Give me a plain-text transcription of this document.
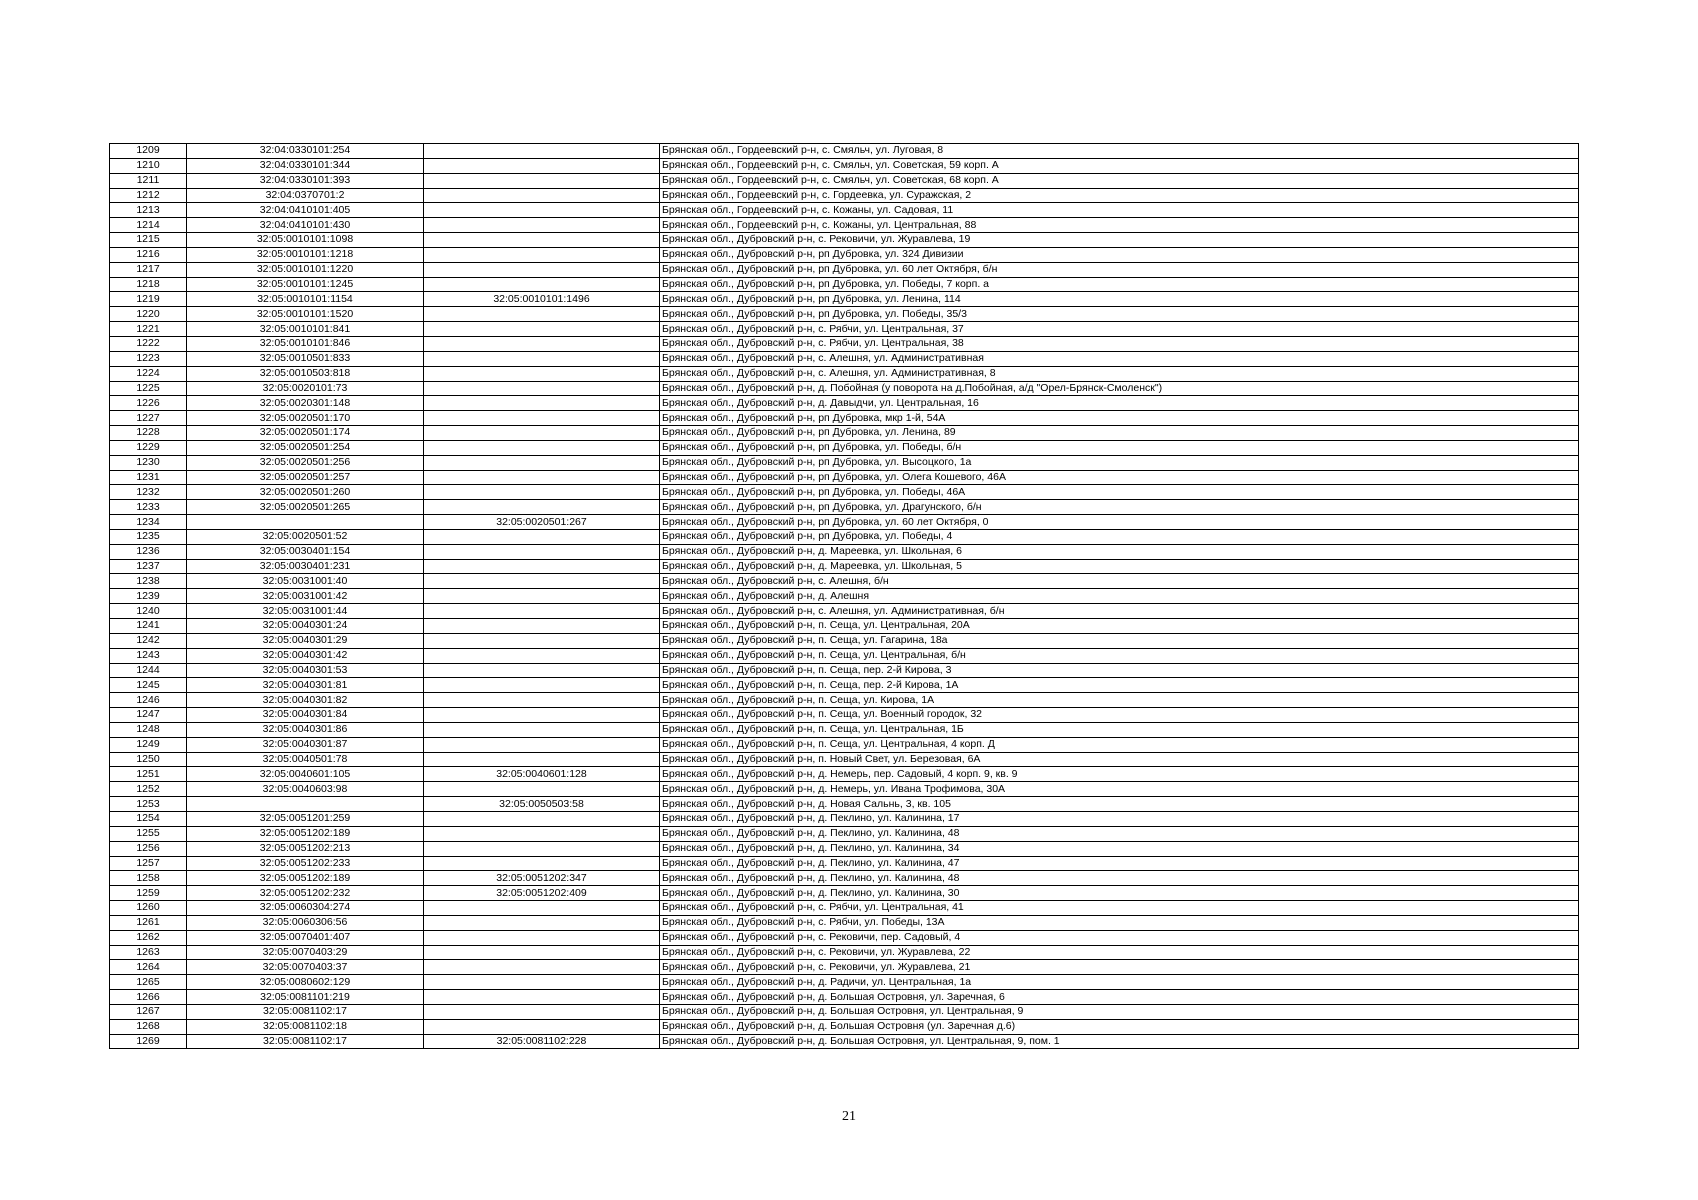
1209	32:04:0330101:254		Брянская обл., Гордеевский р-н, с. Смяльч, ул. Луговая, 8
1210	32:04:0330101:344		Брянская обл., Гордеевский р-н, с. Смяльч, ул. Советская, 59 корп. А
1211	32:04:0330101:393		Брянская обл., Гордеевский р-н, с. Смяльч, ул. Советская, 68 корп. А
1212	32:04:0370701:2		Брянская обл., Гордеевский р-н, с. Гордеевка, ул. Суражская, 2
1213	32:04:0410101:405		Брянская обл., Гордеевский р-н, с. Кожаны, ул. Садовая, 11
1214	32:04:0410101:430		Брянская обл., Гордеевский р-н, с. Кожаны, ул. Центральная, 88
1215	32:05:0010101:1098		Брянская обл., Дубровский р-н, с. Рековичи, ул. Журавлева, 19
1216	32:05:0010101:1218		Брянская обл., Дубровский р-н, рп Дубровка, ул. 324 Дивизии
1217	32:05:0010101:1220		Брянская обл., Дубровский р-н, рп Дубровка, ул. 60 лет Октября, б/н
1218	32:05:0010101:1245		Брянская обл., Дубровский р-н, рп Дубровка, ул. Победы, 7 корп. а
1219	32:05:0010101:1154	32:05:0010101:1496	Брянская обл., Дубровский р-н, рп Дубровка, ул. Ленина, 114
1220	32:05:0010101:1520		Брянская обл., Дубровский р-н, рп Дубровка, ул. Победы, 35/3
1221	32:05:0010101:841		Брянская обл., Дубровский р-н, с. Рябчи, ул. Центральная, 37
1222	32:05:0010101:846		Брянская обл., Дубровский р-н, с. Рябчи, ул. Центральная, 38
1223	32:05:0010501:833		Брянская обл., Дубровский р-н, с. Алешня, ул. Административная
1224	32:05:0010503:818		Брянская обл., Дубровский р-н, с. Алешня, ул. Административная, 8
1225	32:05:0020101:73		Брянская обл., Дубровский р-н, д. Побойная (у поворота на д.Побойная, а/д "Орел-Брянск-Смоленск")
1226	32:05:0020301:148		Брянская обл., Дубровский р-н, д. Давыдчи, ул. Центральная, 16
1227	32:05:0020501:170		Брянская обл., Дубровский р-н, рп Дубровка, мкр 1-й, 54А
1228	32:05:0020501:174		Брянская обл., Дубровский р-н, рп Дубровка, ул. Ленина, 89
1229	32:05:0020501:254		Брянская обл., Дубровский р-н, рп Дубровка, ул. Победы, б/н
1230	32:05:0020501:256		Брянская обл., Дубровский р-н, рп Дубровка, ул. Высоцкого, 1а
1231	32:05:0020501:257		Брянская обл., Дубровский р-н, рп Дубровка, ул. Олега Кошевого, 46А
1232	32:05:0020501:260		Брянская обл., Дубровский р-н, рп Дубровка, ул. Победы, 46А
1233	32:05:0020501:265		Брянская обл., Дубровский р-н, рп Дубровка, ул. Драгунского, б/н
1234		32:05:0020501:267	Брянская обл., Дубровский р-н, рп Дубровка, ул. 60 лет Октября, 0
1235	32:05:0020501:52		Брянская обл., Дубровский р-н, рп Дубровка, ул. Победы, 4
1236	32:05:0030401:154		Брянская обл., Дубровский р-н, д. Мареевка, ул. Школьная, 6
1237	32:05:0030401:231		Брянская обл., Дубровский р-н, д. Мареевка, ул. Школьная, 5
1238	32:05:0031001:40		Брянская обл., Дубровский р-н, с. Алешня, б/н
1239	32:05:0031001:42		Брянская обл., Дубровский р-н, д. Алешня
1240	32:05:0031001:44		Брянская обл., Дубровский р-н, с. Алешня, ул. Административная, б/н
1241	32:05:0040301:24		Брянская обл., Дубровский р-н, п. Сеща, ул. Центральная, 20А
1242	32:05:0040301:29		Брянская обл., Дубровский р-н, п. Сеща, ул. Гагарина, 18а
1243	32:05:0040301:42		Брянская обл., Дубровский р-н, п. Сеща, ул. Центральная, б/н
1244	32:05:0040301:53		Брянская обл., Дубровский р-н, п. Сеща, пер. 2-й Кирова, 3
1245	32:05:0040301:81		Брянская обл., Дубровский р-н, п. Сеща, пер. 2-й Кирова, 1А
1246	32:05:0040301:82		Брянская обл., Дубровский р-н, п. Сеща, ул. Кирова, 1А
1247	32:05:0040301:84		Брянская обл., Дубровский р-н, п. Сеща, ул. Военный городок, 32
1248	32:05:0040301:86		Брянская обл., Дубровский р-н, п. Сеща, ул. Центральная, 1Б
1249	32:05:0040301:87		Брянская обл., Дубровский р-н, п. Сеща, ул. Центральная, 4 корп. Д
1250	32:05:0040501:78		Брянская обл., Дубровский р-н, п. Новый Свет, ул. Березовая, 6А
1251	32:05:0040601:105	32:05:0040601:128	Брянская обл., Дубровский р-н, д. Немерь, пер. Садовый, 4 корп. 9, кв. 9
1252	32:05:0040603:98		Брянская обл., Дубровский р-н, д. Немерь, ул. Ивана Трофимова, 30А
1253		32:05:0050503:58	Брянская обл., Дубровский р-н, д. Новая Сальнь, 3, кв. 105
1254	32:05:0051201:259		Брянская обл., Дубровский р-н, д. Пеклино, ул. Калинина, 17
1255	32:05:0051202:189		Брянская обл., Дубровский р-н, д. Пеклино, ул. Калинина, 48
1256	32:05:0051202:213		Брянская обл., Дубровский р-н, д. Пеклино, ул. Калинина, 34
1257	32:05:0051202:233		Брянская обл., Дубровский р-н, д. Пеклино, ул. Калинина, 47
1258	32:05:0051202:189	32:05:0051202:347	Брянская обл., Дубровский р-н, д. Пеклино, ул. Калинина, 48
1259	32:05:0051202:232	32:05:0051202:409	Брянская обл., Дубровский р-н, д. Пеклино, ул. Калинина, 30
1260	32:05:0060304:274		Брянская обл., Дубровский р-н, с. Рябчи, ул. Центральная, 41
1261	32:05:0060306:56		Брянская обл., Дубровский р-н, с. Рябчи, ул. Победы, 13А
1262	32:05:0070401:407		Брянская обл., Дубровский р-н, с. Рековичи, пер. Садовый, 4
1263	32:05:0070403:29		Брянская обл., Дубровский р-н, с. Рековичи, ул. Журавлева, 22
1264	32:05:0070403:37		Брянская обл., Дубровский р-н, с. Рековичи, ул. Журавлева, 21
1265	32:05:0080602:129		Брянская обл., Дубровский р-н, д. Радичи, ул. Центральная, 1а
1266	32:05:0081101:219		Брянская обл., Дубровский р-н, д. Большая Островня, ул. Заречная, 6
1267	32:05:0081102:17		Брянская обл., Дубровский р-н, д. Большая Островня, ул. Центральная, 9
1268	32:05:0081102:18		Брянская обл., Дубровский р-н, д. Большая Островня (ул. Заречная д.6)
1269	32:05:0081102:17	32:05:0081102:228	Брянская обл., Дубровский р-н, д. Большая Островня, ул. Центральная, 9, пом. 1
21
